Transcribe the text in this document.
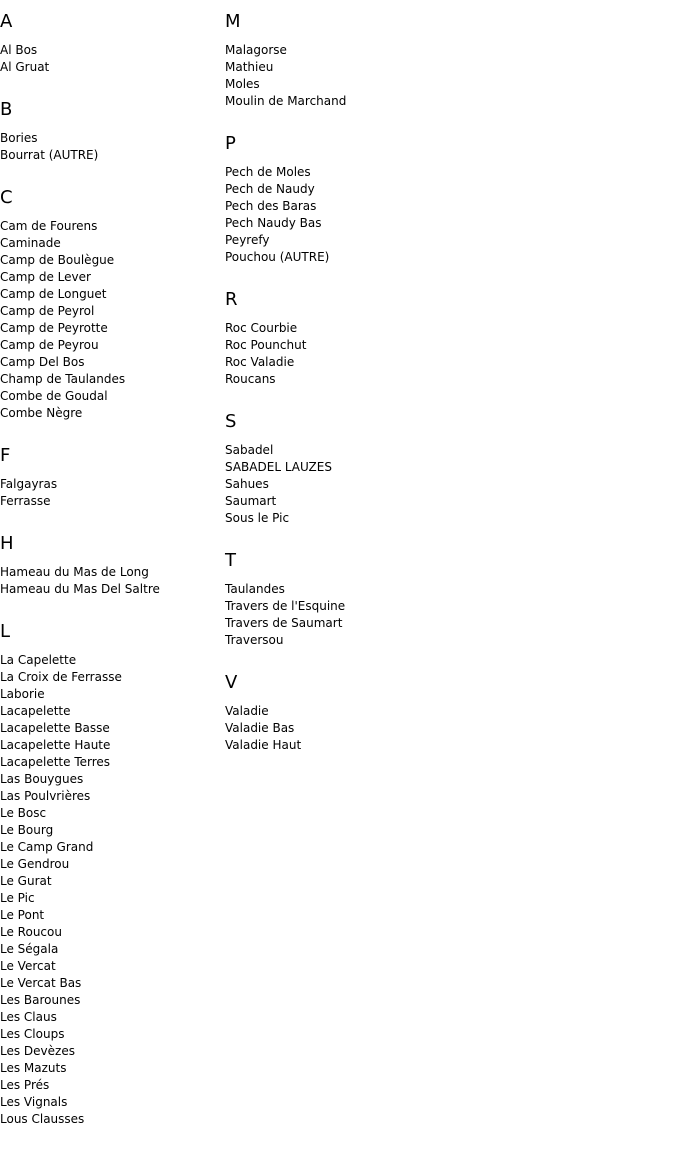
A
Al Bos
Al Gruat
B
Bories
Bourrat (AUTRE)
C
Cam de Fourens
Caminade
Camp de Boulègue
Camp de Lever
Camp de Longuet
Camp de Peyrol
Camp de Peyrotte
Camp de Peyrou
Camp Del Bos
Champ de Taulandes
Combe de Goudal
Combe Nègre
F
Falgayras
Ferrasse
H
Hameau du Mas de Long
Hameau du Mas Del Saltre
L
La Capelette
La Croix de Ferrasse
Laborie
Lacapelette
Lacapelette Basse
Lacapelette Haute
Lacapelette Terres
Las Bouygues
Las Poulvrières
Le Bosc
Le Bourg
Le Camp Grand
Le Gendrou
Le Gurat
Le Pic
Le Pont
Le Roucou
Le Ségala
Le Vercat
Le Vercat Bas
Les Barounes
Les Claus
Les Cloups
Les Devèzes
Les Mazuts
Les Prés
Les Vignals
Lous Clausses
M
Malagorse
Mathieu
Moles
Moulin de Marchand
P
Pech de Moles
Pech de Naudy
Pech des Baras
Pech Naudy Bas
Peyrefy
Pouchou (AUTRE)
R
Roc Courbie
Roc Pounchut
Roc Valadie
Roucans
S
Sabadel
SABADEL LAUZES
Sahues
Saumart
Sous le Pic
T
Taulandes
Travers de l'Esquine
Travers de Saumart
Traversou
V
Valadie
Valadie Bas
Valadie Haut
